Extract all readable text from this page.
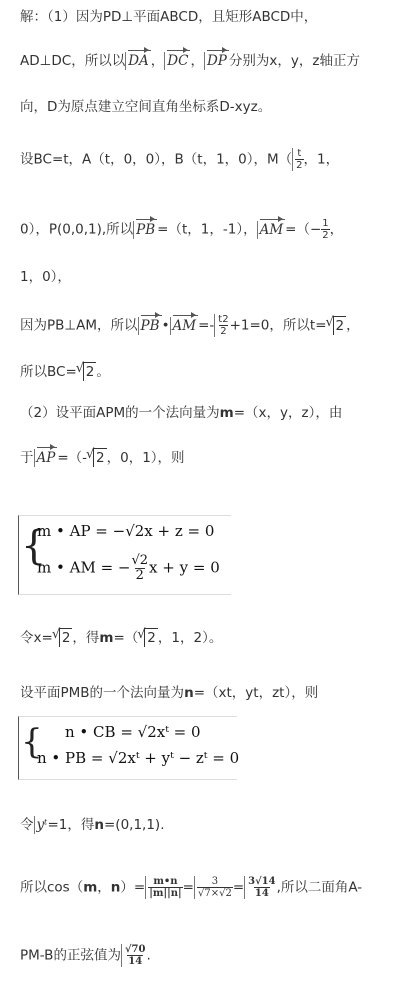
解：（1）因为PD⊥平面ABCD，且矩形ABCD中，
AD⊥DC，所以以 DA ， DC ， DP 分别为x，y，z轴正方
向，D为原点建立空间直角坐标系D-xyz。
设BC=t，A（t，0，0），B（t，1，0），$M( \frac{t}{2}$ ，1，
0），P(0,0,1),所以 PB =（t，1，-1）， AM =（− $\frac{1}{2}$ ，
1，0），
因为PB⊥AM，所以 PB • AM =- $\frac{t2}{2} +1=0$，所以t= √ 2 ，
所以BC= √ 2 。
（2）设平面APM的一个法向量为m=（x，y，z），由
于 AP =（- √ 2 ，0，1），则
{
m • AP = −√2x + z = 0
m • AM = − $\frac{√2}{2}$ x + y = 0
令x= √ 2 ，得m=（ √ 2 ，1，2）。
设平面PMB的一个法向量为n=（xt，yt，zt），则
{ n • CB = √2xᵗ = 0
n • PB = √2xᵗ + yᵗ − zᵗ = 0
令 yᵗ=1，得n=(0,1,1).
所以cos（m，$n)= \frac{m•n}{|m||n|} = \frac{3}{√7\times√2} = \frac{3√14}{14}$ ,所以二面角A-
PM-B的正弦值为 $\frac{√70}{14}$ .
